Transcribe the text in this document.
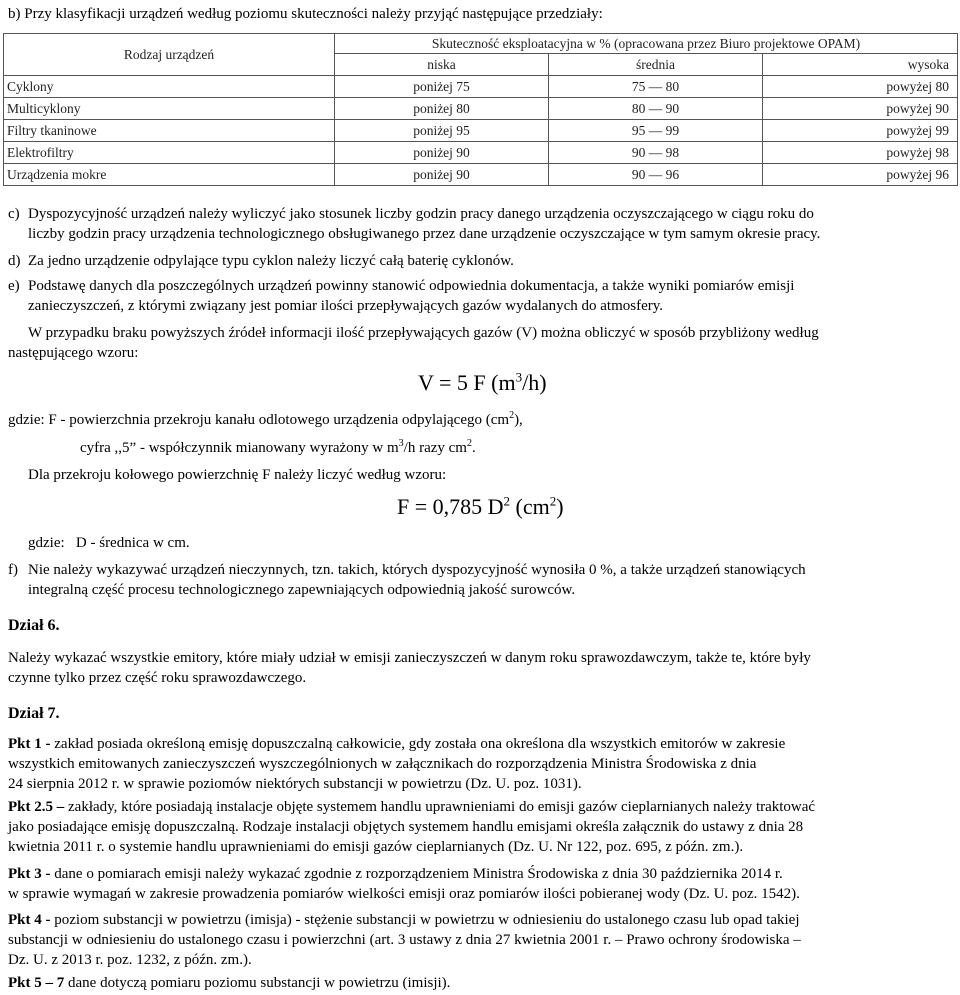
b) Przy klasyfikacji urządzeń według poziomu skuteczności należy przyjąć następujące przedziały:
Rodzaj urządzeń	Skuteczność eksploatacyjna w % (opracowana przez Biuro projektowe OPAM)		
	niska	średnia	wysoka
Cyklony	poniżej 75	75 — 80	powyżej 80
Multicyklony	poniżej 80	80 — 90	powyżej 90
Filtry tkaninowe	poniżej 95	95 — 99	powyżej 99
Elektrofiltry	poniżej 90	90 — 98	powyżej 98
Urządzenia mokre	poniżej 90	90 — 96	powyżej 96
c) Dyspozycyjność urządzeń należy wyliczyć jako stosunek liczby godzin pracy danego urządzenia oczyszczającego w ciągu roku do
liczby godzin pracy urządzenia technologicznego obsługiwanego przez dane urządzenie oczyszczające w tym samym okresie pracy.
d) Za jedno urządzenie odpylające typu cyklon należy liczyć całą baterię cyklonów.
e) Podstawę danych dla poszczególnych urządzeń powinny stanowić odpowiednia dokumentacja, a także wyniki pomiarów emisji
zanieczyszczeń, z którymi związany jest pomiar ilości przepływających gazów wydalanych do atmosfery.
W przypadku braku powyższych źródeł informacji ilość przepływających gazów (V) można obliczyć w sposób przybliżony według
następującego wzoru:
V = 5 F $(m^3/h)$
gdzie: F - powierzchnia przekroju kanału odlotowego urządzenia odpylającego $(cm^2)$,
cyfra ,,5” - współczynnik mianowany wyrażony w $m^3/h$ razy $cm^2$.
Dla przekroju kołowego powierzchnię F należy liczyć według wzoru:
F = 0,785 $D^2$ $(cm^2)$
gdzie:   D - średnica w cm.
f) Nie należy wykazywać urządzeń nieczynnych, tzn. takich, których dyspozycyjność wynosiła 0 %, a także urządzeń stanowiących
integralną część procesu technologicznego zapewniających odpowiednią jakość surowców.
Dział 6.
Należy wykazać wszystkie emitory, które miały udział w emisji zanieczyszczeń w danym roku sprawozdawczym, także te, które były
czynne tylko przez część roku sprawozdawczego.
Dział 7.
Pkt 1 - zakład posiada określoną emisję dopuszczalną całkowicie, gdy została ona określona dla wszystkich emitorów w zakresie
wszystkich emitowanych zanieczyszczeń wyszczególnionych w załącznikach do rozporządzenia Ministra Środowiska z dnia
24 sierpnia 2012 r. w sprawie poziomów niektórych substancji w powietrzu (Dz. U. poz. 1031).
Pkt 2.5 – zakłady, które posiadają instalacje objęte systemem handlu uprawnieniami do emisji gazów cieplarnianych należy traktować
jako posiadające emisję dopuszczalną. Rodzaje instalacji objętych systemem handlu emisjami określa załącznik do ustawy z dnia 28
kwietnia 2011 r. o systemie handlu uprawnieniami do emisji gazów cieplarnianych (Dz. U. Nr 122, poz. 695, z późn. zm.).
Pkt 3 - dane o pomiarach emisji należy wykazać zgodnie z rozporządzeniem Ministra Środowiska z dnia 30 października 2014 r.
w sprawie wymagań w zakresie prowadzenia pomiarów wielkości emisji oraz pomiarów ilości pobieranej wody (Dz. U. poz. 1542).
Pkt 4 - poziom substancji w powietrzu (imisja) - stężenie substancji w powietrzu w odniesieniu do ustalonego czasu lub opad takiej
substancji w odniesieniu do ustalonego czasu i powierzchni (art. 3 ustawy z dnia 27 kwietnia 2001 r. – Prawo ochrony środowiska –
Dz. U. z 2013 r. poz. 1232, z późn. zm.).
Pkt 5 – 7 dane dotyczą pomiaru poziomu substancji w powietrzu (imisji).
